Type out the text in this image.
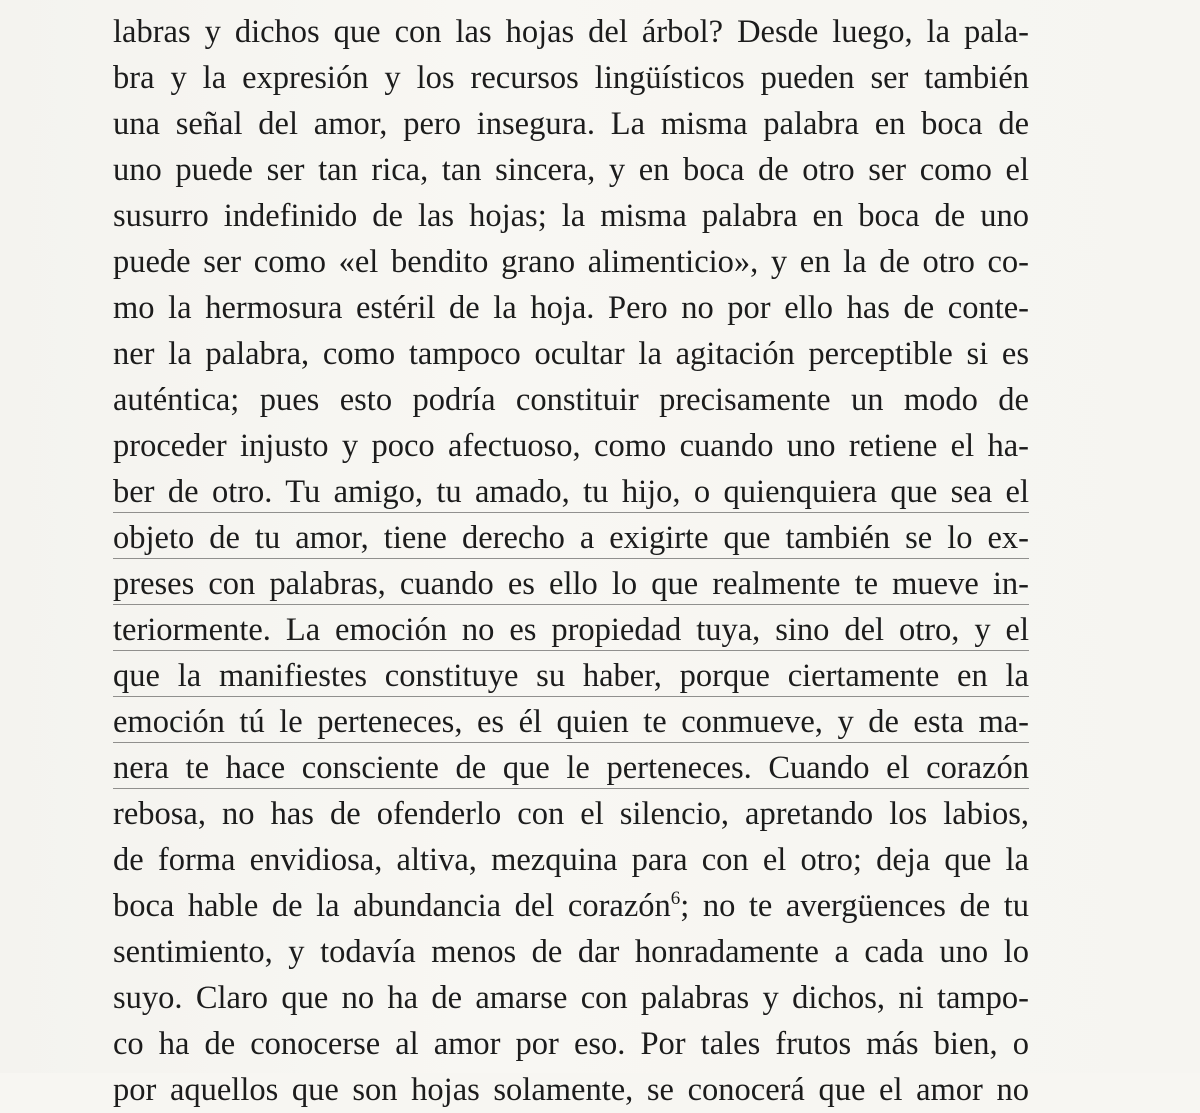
labras y dichos que con las hojas del árbol? Desde luego, la pala-
bra y la expresión y los recursos lingüísticos pueden ser también
una señal del amor, pero insegura. La misma palabra en boca de
uno puede ser tan rica, tan sincera, y en boca de otro ser como el
susurro indefinido de las hojas; la misma palabra en boca de uno
puede ser como «el bendito grano alimenticio», y en la de otro co-
mo la hermosura estéril de la hoja. Pero no por ello has de conte-
ner la palabra, como tampoco ocultar la agitación perceptible si es
auténtica; pues esto podría constituir precisamente un modo de
proceder injusto y poco afectuoso, como cuando uno retiene el ha-
ber de otro. Tu amigo, tu amado, tu hijo, o quienquiera que sea el
objeto de tu amor, tiene derecho a exigirte que también se lo ex-
preses con palabras, cuando es ello lo que realmente te mueve in-
teriormente. La emoción no es propiedad tuya, sino del otro, y el
que la manifiestes constituye su haber, porque ciertamente en la
emoción tú le perteneces, es él quien te conmueve, y de esta ma-
nera te hace consciente de que le perteneces. Cuando el corazón
rebosa, no has de ofenderlo con el silencio, apretando los labios,
de forma envidiosa, altiva, mezquina para con el otro; deja que la
boca hable de la abundancia del corazón$^6$; no te avergüences de tu
sentimiento, y todavía menos de dar honradamente a cada uno lo
suyo. Claro que no ha de amarse con palabras y dichos, ni tampo-
co ha de conocerse al amor por eso. Por tales frutos más bien, o
por aquellos que son hojas solamente, se conocerá que el amor no
